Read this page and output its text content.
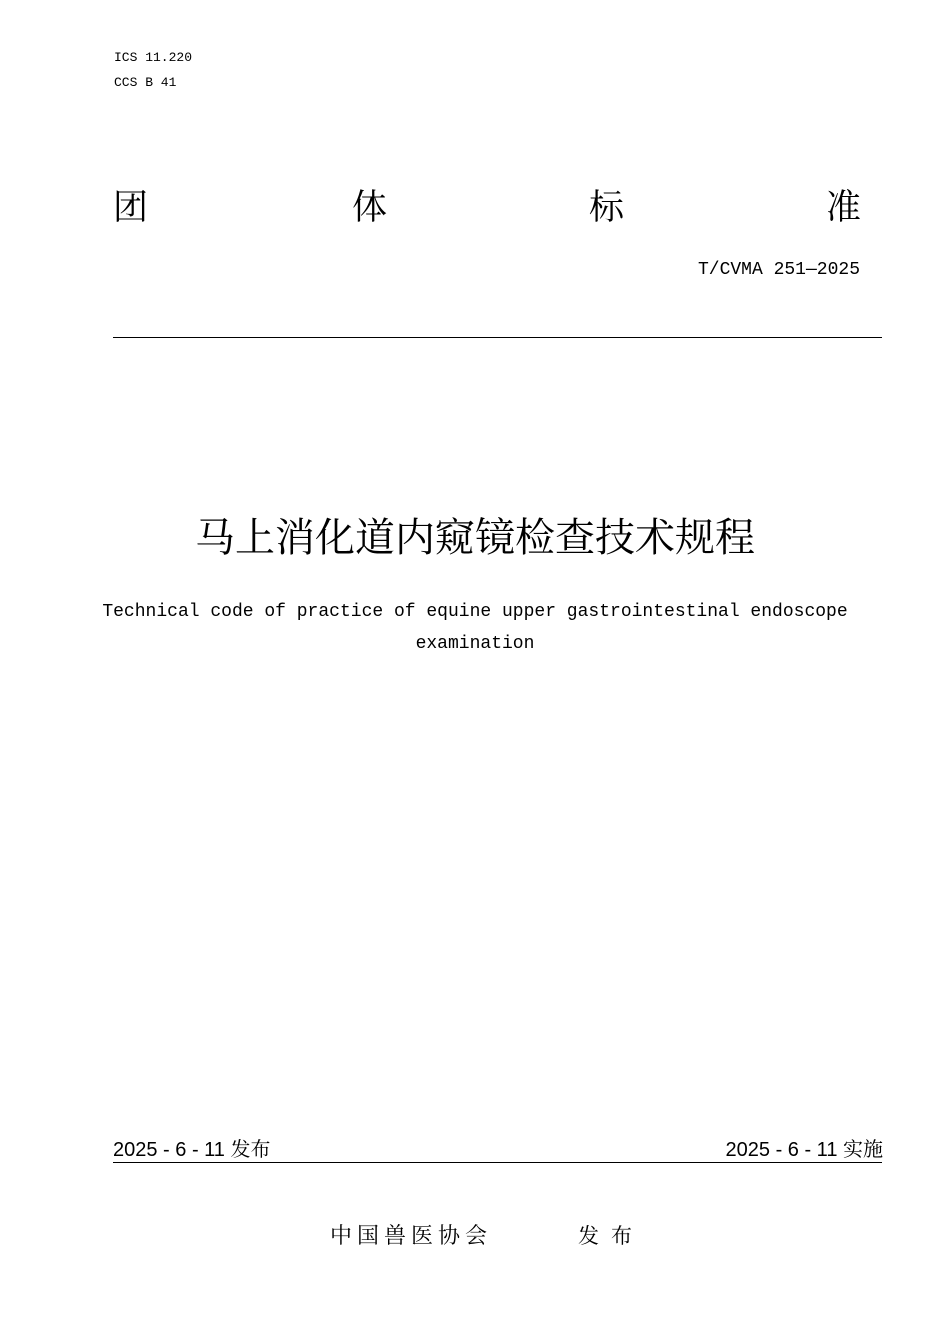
ICS 11.220
CCS B 41
团	体	标	准
T/CVMA 251—2025
马上消化道内窥镜检查技术规程
Technical code of practice of equine upper gastrointestinal endoscope
examination
2025 - 6 - 11 发布	2025 - 6 - 11 实施
中国兽医协会	发布
